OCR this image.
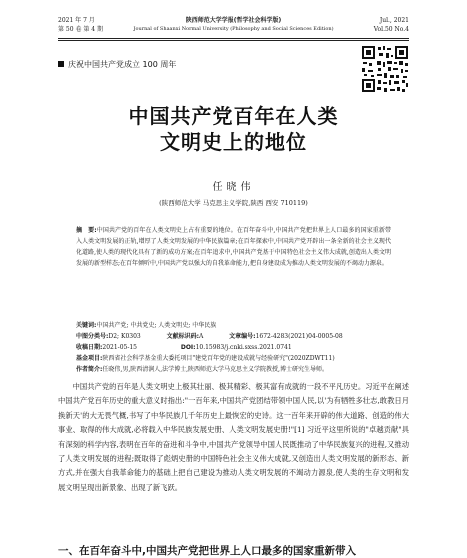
2021 年 7 月
第 50 卷 第 4 期
陕西师范大学学报(哲学社会科学版)
Journal of Shaanxi Normal University (Philosophy and Social Sciences Edition)
Jul., 2021
Vol.50 No.4
庆祝中国共产党成立 100 周年
中国共产党百年在人类
文明史上的地位
任晓伟
(陕西师范大学 马克思主义学院,陕西 西安 710119)
摘　要:中国共产党的百年在人类文明史上占有重要的地位。在百年奋斗中,中国共产党把世界上人口最多的国家重新带入人类文明发展的正轨,增厚了人类文明发展的中华民族篇章;在百年探索中,中国共产党开辟出一条全新的社会主义现代化道路,使人类的现代化具有了新的成功方案;在百年追求中,中国共产党基于中国特色社会主义伟大成就,创造出人类文明发展的新型样态;在百年倾听中,中国共产党以强大的自我革命能力,把自身建设成为推动人类文明发展的不竭动力源泉。
关键词:中国共产党; 中共党史; 人类文明史; 中华民族
中图分类号:D2; K0303	文献标识码:A	文章编号:1672-4283(2021)04-0005-08
收稿日期:2021-05-15	DOI:10.15983/j.cnki.sxss.2021.0741
基金项目:陕西省社会科学基金重大委托项目"建党百年党的建设成就与经验研究"(2020ZDWT11)
作者简介:任晓伟,男,陕西清涧人,法学博士,陕西师范大学马克思主义学院教授,博士研究生导师。
中国共产党的百年是人类文明史上极其壮丽、极其精彩、极其富有成就的一段不平凡历史。习近平在阐述中国共产党百年历史的重大意义时指出:"一百年来,中国共产党团结带领中国人民,以'为有牺牲多壮志,敢教日月换新天'的大无畏气概,书写了中华民族几千年历史上最恢宏的史诗。这一百年来开辟的伟大道路、创造的伟大事业、取得的伟大成就,必将载入中华民族发展史册、人类文明发展史册!"[1] 习近平这里所说的"卓越贡献"具有深刻的科学内容,表明在百年的奋进和斗争中,中国共产党领导中国人民既推动了中华民族复兴的进程,又推动了人类文明发展的进程;既取得了彪炳史册的中国特色社会主义伟大成就,又创造出人类文明发展的新形态、新方式,并在强大自我革命能力的基础上把自己建设为推动人类文明发展的不竭动力源泉,使人类的生存文明和发展文明呈现出新景象、出现了新飞跃。
一、在百年奋斗中,中国共产党把世界上人口最多的国家重新带入
